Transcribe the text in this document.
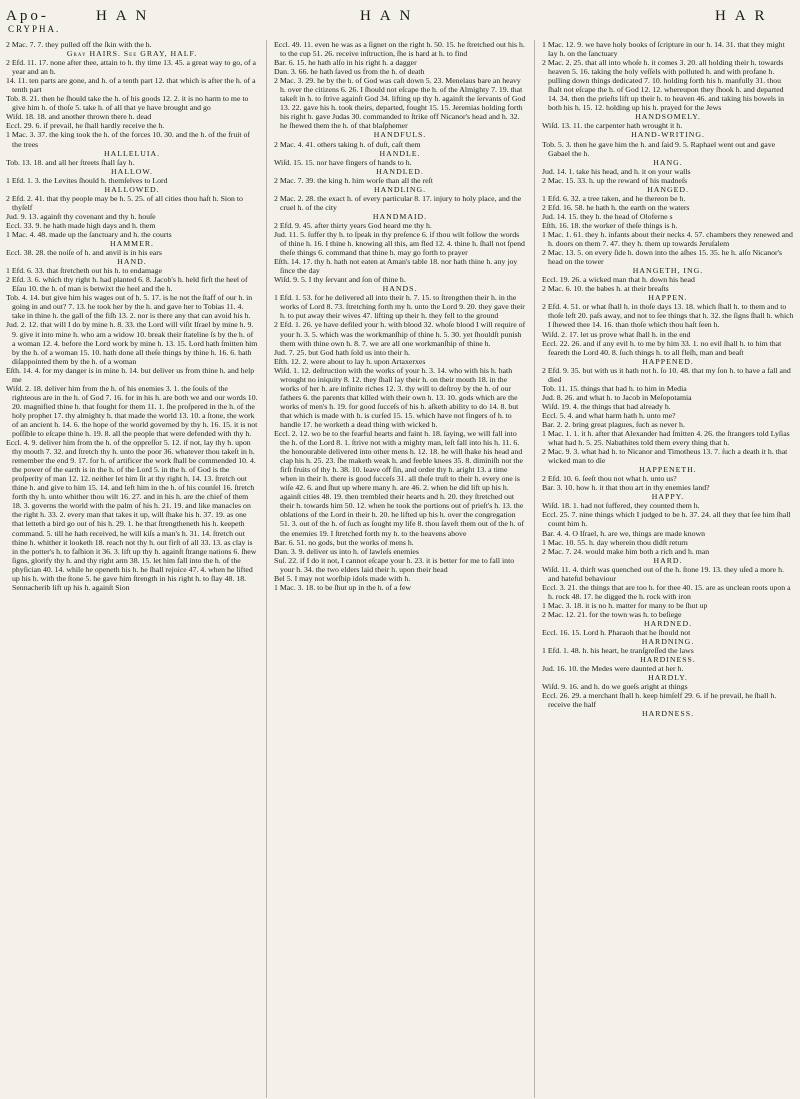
Apo-	H A N	H A N	H A R
CRYPHA.

2 Mac. 7. 7. they pulled off the ſkin with the h.

Gray HAIRS. See GRAY, HALF.

2 Efd. 11. 17. none after thee, attain to h. thy time 13. 45. a great way to go, of a year and an h.

14. 11. ten parts are gone, and h. of a tenth part 12. that which is after the h. of a tenth part

Tob. 8. 21. then he ſhould take the h. of his goods 12. 2. it is no harm to me to give him h. of thoſe 5. take h. of all that ye have brought and go

Wiſd. 18. 18. and another thrown there h. dead

Eccl. 29. 6. if prevail, he ſhall hardly receive the h.

1 Mac. 3. 37. the king took the h. of the forces 10. 30. and the h. of the fruit of the trees

HALLELUIA.

Tob. 13. 18. and all her ſtreets ſhall ſay h.

HALLOW.

1 Efd. 1. 3. the Levites ſhould h. themſelves to Lord

HALLOWED.

2 Efd. 2. 41. that thy people may be h. 5. 25. of all cities thou haſt h. Sion to thyſelf

Jud. 9. 13. againſt thy covenant and thy h. houſe

Eccl. 33. 9. he hath made high days and h. them

1 Mac. 4. 48. made up the ſanctuary and h. the courts

HAMMER.

Eccl. 38. 28. the noiſe of h. and anvil is in his ears

HAND.

1 Efd. 6. 33. that ſtretcheth out his h. to endamage

2 Efd. 3. 6. which thy right h. had planted 6. 8. Jacob's h. held firſt the heel of Eſau 10. the h. of man is betwixt the heel and the h.

Tob. 4. 14. but give him his wages out of h. 5. 17. is he not the ſtaff of our h. in going in and out? 7. 13. he took her by the h. and gave her to Tobias 11. 4. take in thine h. the gall of the fiſh 13. 2. nor is there any that can avoid his h.

Jud. 2. 12. that will I do by mine h. 8. 33. the Lord will viſit Iſrael by mine h. 9. 9. give it into mine h. who am a widow 10. break their ſtateline ſs by the h. of a woman 12. 4. before the Lord work by mine h. 13. 15. Lord hath ſmitten him by the h. of a woman 15. 10. hath done all theſe things by thine h. 16. 6. hath diſappointed them by the h. of a woman

Eſth. 14. 4. for my danger is in mine h. 14. but deliver us from thine h. and help me

Wiſd. 2. 18. deliver him from the h. of his enemies 3. 1. the ſouls of the righteous are in the h. of God 7. 16. for in his h. are both we and our words 10. 20. magnified thine h. that fought for them 11. 1. ſhe proſpered in the h. of the holy prophet 17. thy almighty h. that made the world 13. 10. a ſtone, the work of an ancient h. 14. 6. the hope of the world governed by thy h. 16. 15. it is not poſſible to eſcape thine h. 19. 8. all the people that were defended with thy h.

Eccl. 4. 9. deliver him from the h. of the oppreſſor 5. 12. if not, lay thy h. upon thy mouth 7. 32. and ſtretch thy h. unto the poor 36. whatever thou takeſt in h. remember the end 9. 17. for h. of artificer the work ſhall be commended 10. 4. the power of the earth is in the h. of the Lord 5. in the h. of God is the proſperity of man 12. 12. neither let him ſit at thy right h. 14. 13. ſtretch out thine h. and give to him 15. 14. and left him in the h. of his counſel 16. ſtretch forth thy h. unto whither thou wilt 16. 27. and in his h. are the chief of them 18. 3. governs the world with the palm of his h. 21. 19. and like manacles on the right h. 33. 2. every man that takes it up, will ſhake his h. 37. 19. as one that letteth a bird go out of his h. 29. 1. he that ſtrengtheneth his h. keepeth command. 5. till he hath received, he will kiſs a man's h. 31. 14. ſtretch out thine h. whither it looketh 18. reach not thy h. out firſt of all 33. 13. as clay is in the potter's h. to faſhion it 36. 3. lift up thy h. againſt ſtrange nations 6. ſhew ſigns, glorify thy h. and thy right arm 38. 15. let him fall into the h. of the phyſician 40. 14. while he openeth his h. he ſhall rejoice 47. 4. when he lifted up his h. with the ſtone 5. he gave him ſtrength in his right h. to ſlay 48. 18. Sennacherib lift up his h. againſt Sion

Eccl. 49. 11. even he was as a ſignet on the right h. 50. 15. he ſtretched out his h. to the cup 51. 26. receive inſtruction, ſhe is hard at h. to find

Bar. 6. 15. he hath alſo in his right h. a dagger

Dan. 3. 66. he hath ſaved us from the h. of death

2 Mac. 3. 29. he by the h. of God was caſt down 5. 23. Menelaus bare an heavy h. over the citizens 6. 26. I ſhould not eſcape the h. of the Almighty 7. 19. that takeſt in h. to ſtrive againſt God 34. lifting up thy h. againſt the ſervants of God 13. 22. gave his h. took theirs, departed, fought 15. 15. Jeremias holding forth his right h. gave Judas 30. commanded to ſtrike off Nicanor's head and h. 32. he ſhewed them the h. of that blaſphemer

HANDFULS.

2 Mac. 4. 41. others taking h. of duſt, caſt them

HANDLE.

Wiſd. 15. 15. nor have fingers of hands to h.

HANDLED.

2 Mac. 7. 39. the king h. him worſe than all the reſt

HANDLING.

2 Mac. 2. 28. the exact h. of every particular 8. 17. injury to holy place, and the cruel h. of the city

HANDMAID.

2 Efd. 9. 45. after thirty years God heard me thy h.

Jud. 11. 5. ſuffer thy h. to ſpeak in thy preſence 6. if thou wilt follow the words of thine h. 16. I thine h. knowing all this, am fled 12. 4. thine h. ſhall not ſpend theſe things 6. command that thine h. may go forth to prayer

Eſth. 14. 17. thy h. hath not eaten at Aman's table 18. nor hath thine h. any joy ſince the day

Wiſd. 9. 5. I thy ſervant and ſon of thine h.

HANDS.

1 Efd. 1. 53. for he delivered all into their h. 7. 15. to ſtrengthen their h. in the works of Lord 8. 73. ſtretching forth my h. unto the Lord 9. 20. they gave their h. to put away their wives 47. lifting up their h. they fell to the ground

2 Efd. 1. 26. ye have defiled your h. with blood 32. whoſe blood I will require of your h. 3. 5. which was the workmanſhip of thine h. 5. 30. yet ſhouldſt punish them with thine own h. 8. 7. we are all one workmanſhip of thine h.

Jud. 7. 25. but God hath ſold us into their h.

Eſth. 12. 2. were about to lay h. upon Artaxerxes

Wiſd. 1. 12. deſtruction with the works of your h. 3. 14. who with his h. hath wrought no iniquity 8. 12. they ſhall lay their h. on their mouth 18. in the works of her h. are infinite riches 12. 3. thy will to deſtroy by the h. of our fathers 6. the parents that killed with their own h. 13. 10. gods which are the works of men's h. 19. for good ſucceſs of his h. aſketh ability to do 14. 8. but that which is made with h. is curſed 15. 15. which have not fingers of h. to handle 17. he worketh a dead thing with wicked h.

Eccl. 2. 12. wo be to the fearful hearts and faint h. 18. ſaying, we will fall into the h. of the Lord 8. 1. ſtrive not with a mighty man, leſt fall into his h. 11. 6. the honourable delivered into other mens h. 12. 18. he will ſhake his head and clap his h. 25. 23. ſhe maketh weak h. and feeble knees 35. 8. diminiſh not the firſt fruits of thy h. 38. 10. leave off ſin, and order thy h. aright 13. a time when in their h. there is good ſucceſs 31. all theſe truſt to their h. every one is wiſe 42. 6. and ſhut up where many h. are 46. 2. when he did lift up his h. againſt cities 48. 19. then trembled their hearts and h. 20. they ſtretched out their h. towards him 50. 12. when he took the portions out of prieſt's h. 13. the oblations of the Lord in their h. 20. he lifted up his h. over the congregation 51. 3. out of the h. of ſuch as ſought my life 8. thou ſaveſt them out of the h. of the enemies 19. I ſtretched forth my h. to the heavens above

Bar. 6. 51. no gods, but the works of mens h.

Dan. 3. 9. deliver us into h. of lawleſs enemies

Suſ. 22. if I do it not, I cannot eſcape your h. 23. it is better for me to fall into your h. 34. the two elders laid their h. upon their head

Bel 5. I may not worſhip idols made with h.

1 Mac. 3. 18. to be ſhut up in the h. of a few

1 Mac. 12. 9. we have holy books of ſcripture in our h. 14. 31. that they might lay h. on the ſanctuary

2 Mac. 2. 25. that all into whoſe h. it comes 3. 20. all holding their h. towards heaven 5. 16. taking the holy veſſels with polluted h. and with profane h. pulling down things dedicated 7. 10. holding forth his h. manfully 31. thou ſhalt not eſcape the h. of God 12. 12. whereupon they ſhook h. and departed 14. 34. then the prieſts lift up their h. to heaven 46. and taking his bowels in both his h. 15. 12. holding up his h. prayed for the Jews

HANDSOMELY.

Wiſd. 13. 11. the carpenter hath wrought it h.

HAND-WRITING.

Tob. 5. 3. then he gave him the h. and ſaid 9. 5. Raphael went out and gave Gabael the h.

HANG.

Jud. 14. 1. take his head, and h. it on your walls

2 Mac. 15. 33. h. up the reward of his madneſs

HANGED.

1 Efd. 6. 32. a tree taken, and he thereon be h.

2 Efd. 16. 58. he hath h. the earth on the waters

Jud. 14. 15. they h. the head of Oloferne s

Eſth. 16. 18. the worker of theſe things is h.

1 Mac. 1. 61. they h. infants about their necks 4. 57. chambers they renewed and h. doors on them 7. 47. they h. them up towards Jeruſalem

2 Mac. 13. 5. on every ſide h. down into the aſhes 15. 35. he h. alſo Nicanor's head on the tower

HANGETH, ING.

Eccl. 19. 26. a wicked man that h. down his head

2 Mac. 6. 10. the babes h. at their breaſts

HAPPEN.

2 Efd. 4. 51. or what ſhall h. in thoſe days 13. 18. which ſhall h. to them and to thoſe left 20. paſs away, and not to ſee things that h. 32. the ſigns ſhall h. which I ſhewed thee 14. 16. than thoſe which thou haſt ſeen h.

Wiſd. 2. 17. let us prove what ſhall h. in the end

Eccl. 22. 26. and if any evil h. to me by him 33. 1. no evil ſhall h. to him that feareth the Lord 40. 8. ſuch things h. to all fleſh, man and beaſt

HAPPENED.

2 Efd. 9. 35. but with us it hath not h. ſo 10. 48. that my ſon h. to have a fall and died

Tob. 11. 15. things that had h. to him in Media

Jud. 8. 26. and what h. to Jacob in Meſopotamia

Wiſd. 19. 4. the things that had already h.

Eccl. 5. 4. and what harm hath h. unto me?

Bar. 2. 2. bring great plagues, ſuch as never h.

1 Mac. 1. 1. it h. after that Alexander had ſmitten 4. 26. the ſtrangers told Lyſias what had h. 5. 25. Nabathites told them every thing that h.

2 Mac. 9. 3. what had h. to Nicanor and Timotheus 13. 7. ſuch a death it h. that wicked man to die

HAPPENETH.

2 Efd. 10. 6. ſeeſt thou not what h. unto us?

Bar. 3. 10. how h. it that thou art in thy enemies land?

HAPPY.

Wiſd. 18. 1. had not ſuffered, they counted them h.

Eccl. 25. 7. nine things which I judged to be h. 37. 24. all they that ſee him ſhall count him h.

Bar. 4. 4. O Iſrael, h. are we, things are made known

1 Mac. 10. 55. h. day wherein thou didſt return

2 Mac. 7. 24. would make him both a rich and h. man

HARD.

Wiſd. 11. 4. thirſt was quenched out of the h. ſtone 19. 13. they uſed a more h. and hateful behaviour

Eccl. 3. 21. the things that are too h. for thee 40. 15. are as unclean roots upon a h. rock 48. 17. he digged the h. rock with iron

1 Mac. 3. 18. it is no h. matter for many to be ſhut up

2 Mac. 12. 21. for the town was h. to beſiege

HARDNED.

Eccl. 16. 15. Lord h. Pharaoh that he ſhould not

HARDNING.

1 Efd. 1. 48. h. his heart, he tranſgreſſed the laws

HARDINESS.

Jud. 16. 10. the Medes were daunted at her h.

HARDLY.

Wiſd. 9. 16. and h. do we gueſs aright at things

Eccl. 26. 29. a merchant ſhall h. keep himſelf 29. 6. if he prevail, he ſhall h. receive the half

HARDNESS.
